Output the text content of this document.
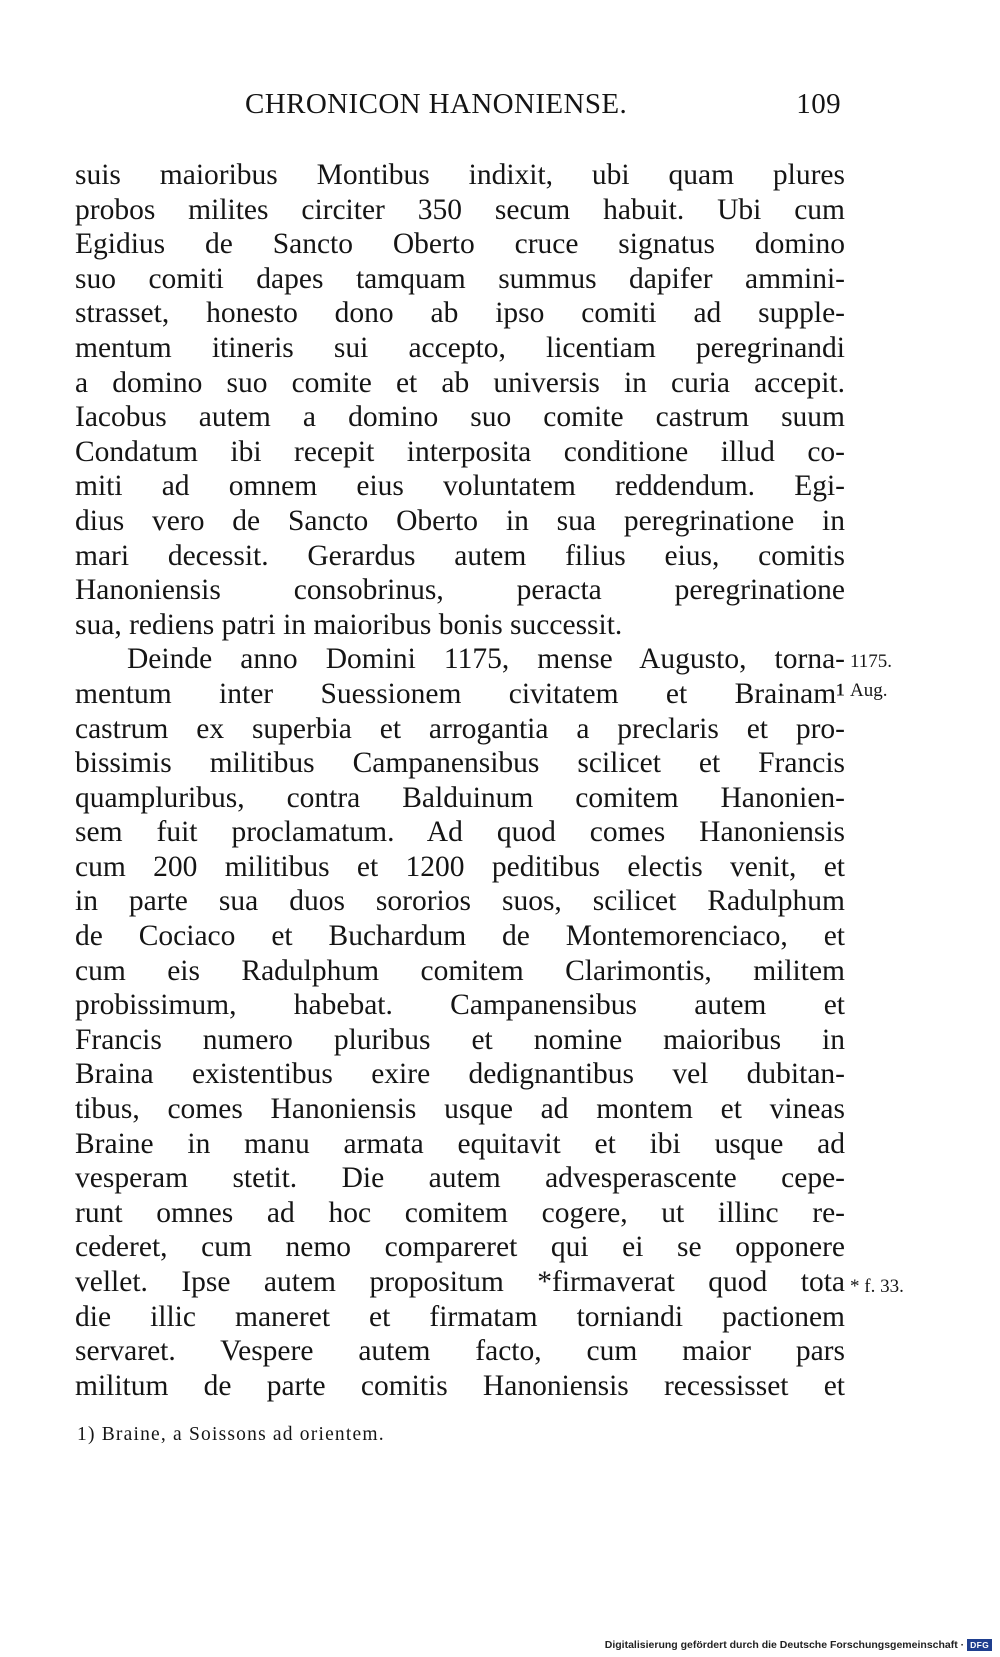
CHRONICON HANONIENSE.	109
suis maioribus Montibus indixit, ubi quam plures
probos milites circiter 350 secum habuit. Ubi cum
Egidius de Sancto Oberto cruce signatus domino
suo comiti dapes tamquam summus dapifer ammini-
strasset, honesto dono ab ipso comiti ad supple-
mentum itineris sui accepto, licentiam peregrinandi
a domino suo comite et ab universis in curia accepit.
Iacobus autem a domino suo comite castrum suum
Condatum ibi recepit interposita conditione illud co-
miti ad omnem eius voluntatem reddendum. Egi-
dius vero de Sancto Oberto in sua peregrinatione in
mari decessit. Gerardus autem filius eius, comitis
Hanoniensis consobrinus, peracta peregrinatione
sua, rediens patri in maioribus bonis successit.
Deinde anno Domini 1175, mense Augusto, torna-
mentum inter Suessionem civitatem et Brainam¹
castrum ex superbia et arrogantia a preclaris et pro-
bissimis militibus Campanensibus scilicet et Francis
quampluribus, contra Balduinum comitem Hanonien-
sem fuit proclamatum. Ad quod comes Hanoniensis
cum 200 militibus et 1200 peditibus electis venit, et
in parte sua duos sororios suos, scilicet Radulphum
de Cociaco et Buchardum de Montemorenciaco, et
cum eis Radulphum comitem Clarimontis, militem
probissimum, habebat. Campanensibus autem et
Francis numero pluribus et nomine maioribus in
Braina existentibus exire dedignantibus vel dubitan-
tibus, comes Hanoniensis usque ad montem et vineas
Braine in manu armata equitavit et ibi usque ad
vesperam stetit. Die autem advesperascente cepe-
runt omnes ad hoc comitem cogere, ut illinc re-
cederet, cum nemo compareret qui ei se opponere
vellet. Ipse autem propositum *firmaverat quod tota
die illic maneret et firmatam torniandi pactionem
servaret. Vespere autem facto, cum maior pars
militum de parte comitis Hanoniensis recessisset et
1175.
Aug.
* f. 33.
1) Braine, a Soissons ad orientem.
Digitalisierung gefördert durch die Deutsche Forschungsgemeinschaft · DFG
